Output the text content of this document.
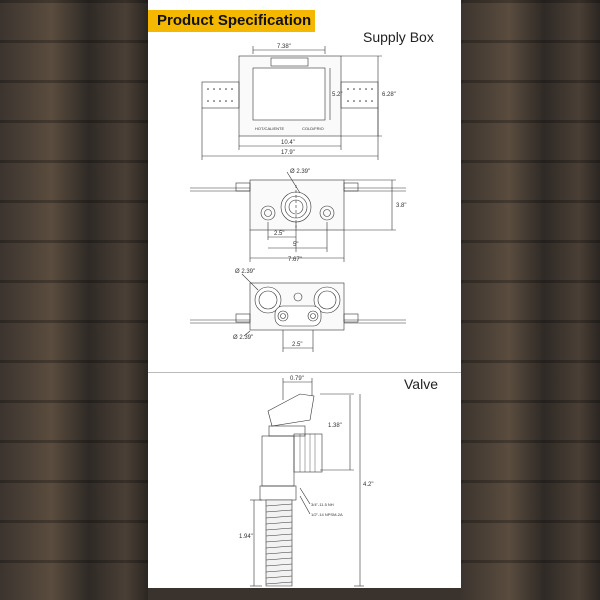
Product Specification
Supply Box
Valve
7.38"
5.2"	6.28"
10.4"
17.9"
HOT/CALIENTE	COLD/FRIO
Ø 2.39"
3.8"
2.5"
5"
7.67"
Ø 2.39"
Ø 2.39"
2.5"
0.79"
1.38"
4.2"
1.94"
3/4"-11.5 NH
1/2"-14 NPSM-2A
